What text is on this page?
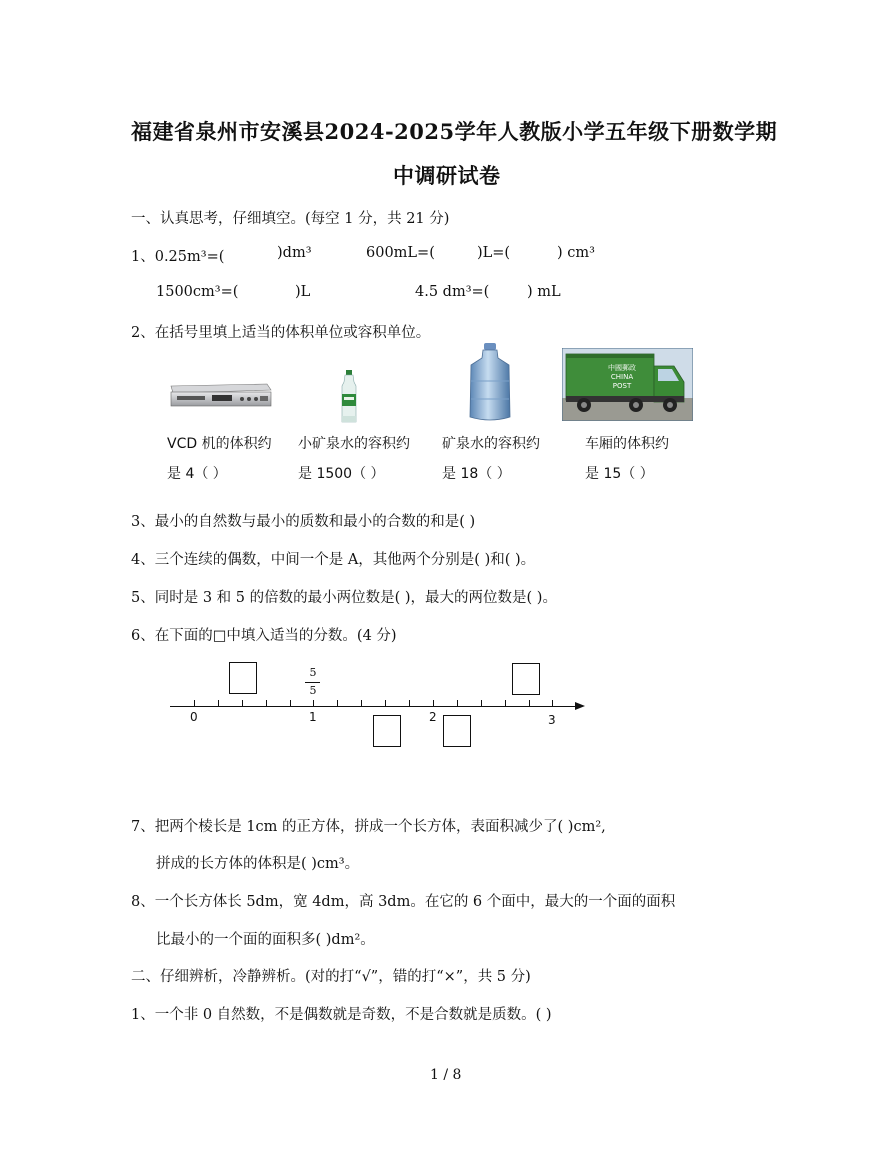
福建省泉州市安溪县2024-2025学年人教版小学五年级下册数学期
中调研试卷
一、认真思考，仔细填空。(每空 1 分，共 21 分)
1、0.25m³=(	)dm³	600mL=(	)L=(	) cm³
1500cm³=(	)L	4.5 dm³=(	) mL
2、在括号里填上适当的体积单位或容积单位。
中國郵政 CHINA POST
VCD 机的体积约
是 4（ ）
小矿泉水的容积约
是 1500（ ）
矿泉水的容积约
是 18（ ）
车厢的体积约
是 15（ ）
3、最小的自然数与最小的质数和最小的合数的和是( )
4、三个连续的偶数，中间一个是 A，其他两个分别是( )和( )。
5、同时是 3 和 5 的倍数的最小两位数是( )，最大的两位数是( )。
6、在下面的□中填入适当的分数。(4 分)
0	1	2	3
5
5
7、把两个棱长是 1cm 的正方体，拼成一个长方体，表面积减少了( )cm²,
拼成的长方体的体积是( )cm³。
8、一个长方体长 5dm，宽 4dm，高 3dm。在它的 6 个面中，最大的一个面的面积
比最小的一个面的面积多( )dm²。
二、仔细辨析，冷静辨析。(对的打“√”，错的打“×”，共 5 分)
1、一个非 0 自然数，不是偶数就是奇数，不是合数就是质数。( )
1 / 8
